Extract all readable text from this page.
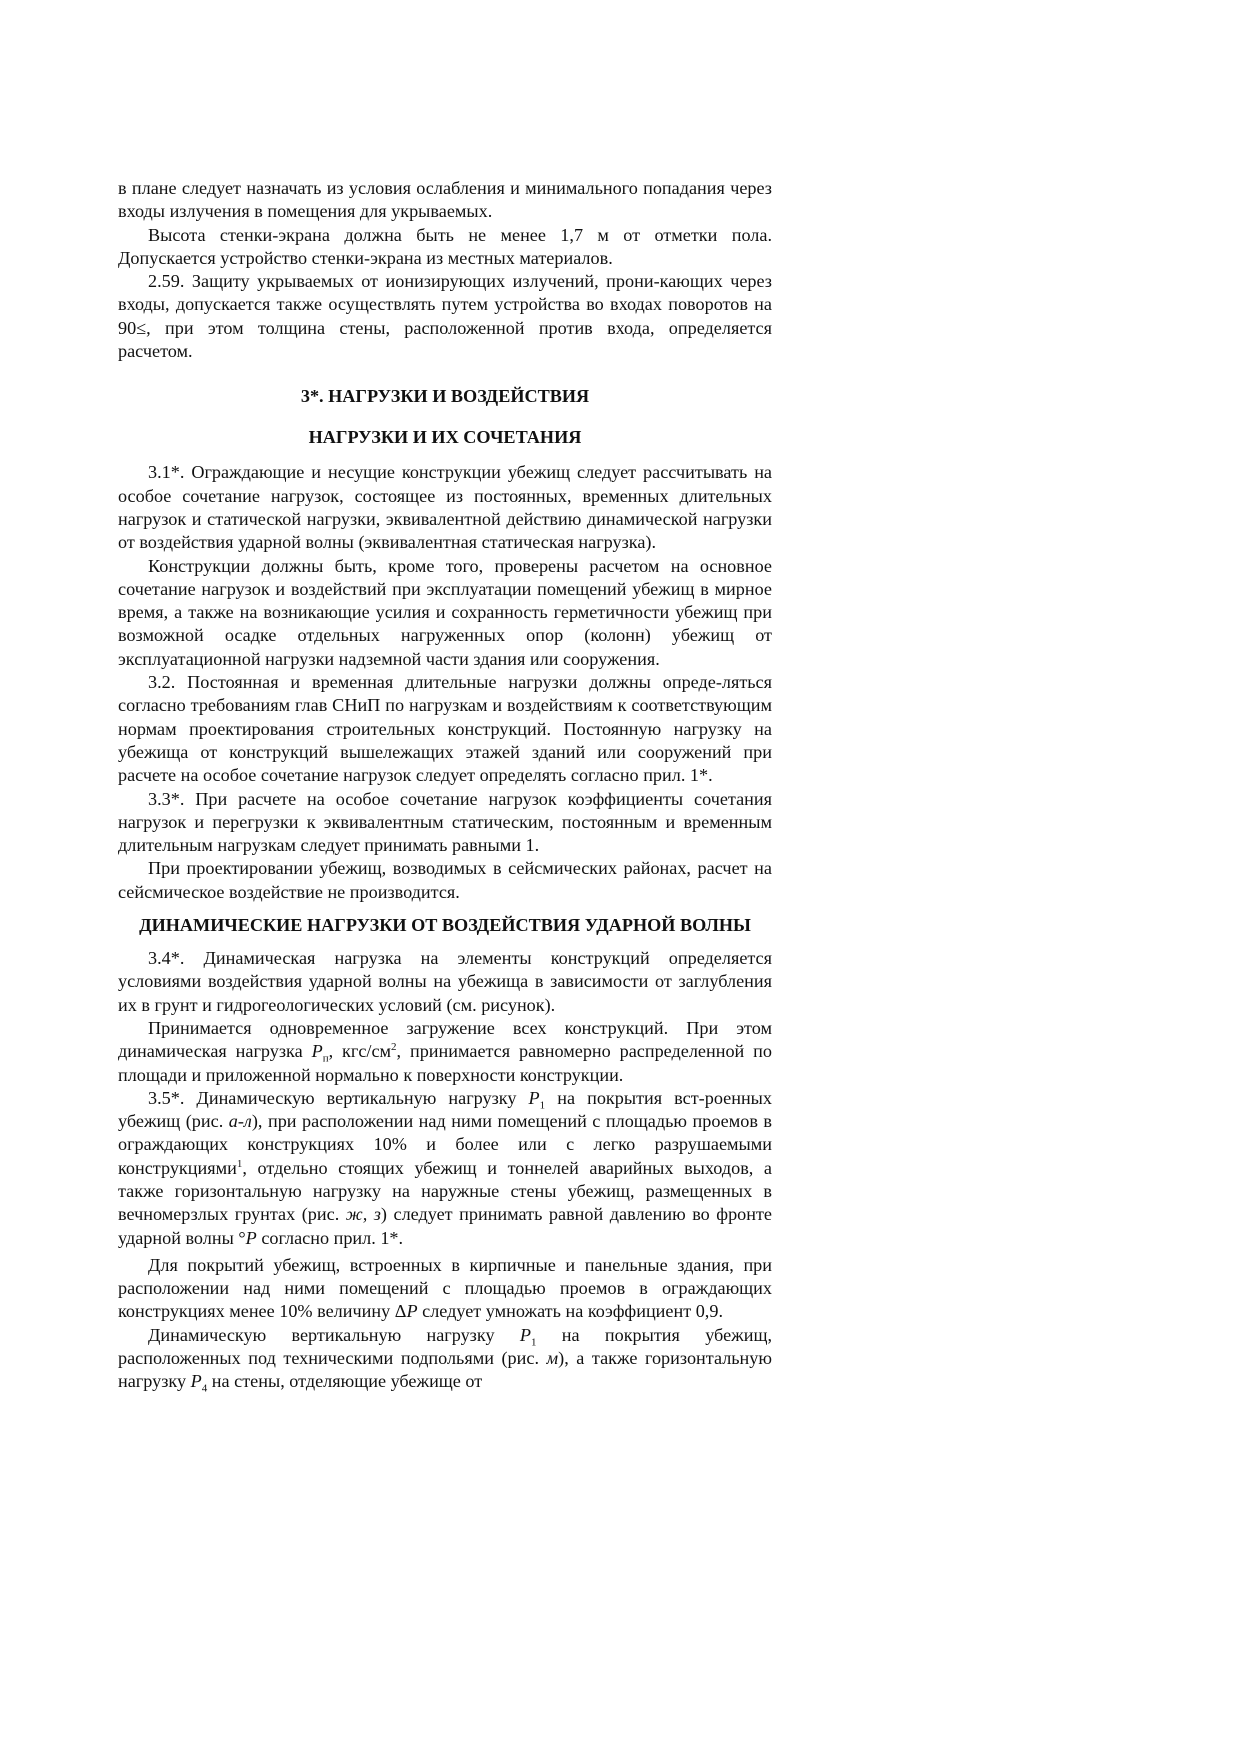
в плане следует назначать из условия ослабления и минимального попадания через входы излучения в помещения для укрываемых.

Высота стенки-экрана должна быть не менее 1,7 м от отметки пола. Допускается устройство стенки-экрана из местных материалов.

2.59. Защиту укрываемых от ионизирующих излучений, прони-кающих через входы, допускается также осуществлять путем устройства во входах поворотов на 90≤, при этом толщина стены, расположенной против входа, определяется расчетом.

3*. НАГРУЗКИ И ВОЗДЕЙСТВИЯ
НАГРУЗКИ И ИХ СОЧЕТАНИЯ

3.1*. Ограждающие и несущие конструкции убежищ следует рассчитывать на особое сочетание нагрузок, состоящее из постоянных, временных длительных нагрузок и статической нагрузки, эквивалентной действию динамической нагрузки от воздействия ударной волны (эквивалентная статическая нагрузка).

Конструкции должны быть, кроме того, проверены расчетом на основное сочетание нагрузок и воздействий при эксплуатации помещений убежищ в мирное время, а также на возникающие усилия и сохранность герметичности убежищ при возможной осадке отдельных нагруженных опор (колонн) убежищ от эксплуатационной нагрузки надземной части здания или сооружения.

3.2. Постоянная и временная длительные нагрузки должны опреде-ляться согласно требованиям глав СНиП по нагрузкам и воздействиям к соответствующим нормам проектирования строительных конструкций. Постоянную нагрузку на убежища от конструкций вышележащих этажей зданий или сооружений при расчете на особое сочетание нагрузок следует определять согласно прил. 1*.

3.3*. При расчете на особое сочетание нагрузок коэффициенты сочетания нагрузок и перегрузки к эквивалентным статическим, постоянным и временным длительным нагрузкам следует принимать равными 1.

При проектировании убежищ, возводимых в сейсмических районах, расчет на сейсмическое воздействие не производится.

ДИНАМИЧЕСКИЕ НАГРУЗКИ ОТ ВОЗДЕЙСТВИЯ УДАРНОЙ ВОЛНЫ

3.4*. Динамическая нагрузка на элементы конструкций определяется условиями воздействия ударной волны на убежища в зависимости от заглубления их в грунт и гидрогеологических условий (см. рисунок).

Принимается одновременное загружение всех конструкций. При этом динамическая нагрузка $P_п$, кгс/$см^2$, принимается равномерно распределенной по площади и приложенной нормально к поверхности конструкции.

3.5*. Динамическую вертикальную нагрузку $P_1$ на покрытия вст-роенных убежищ (рис. а-л), при расположении над ними помещений с площадью проемов в ограждающих конструкциях 10% и более или с легко разрушаемыми конструкциями$^1$, отдельно стоящих убежищ и тоннелей аварийных выходов, а также горизонтальную нагрузку на наружные стены убежищ, размещенных в вечномерзлых грунтах (рис. ж, з) следует принимать равной давлению во фронте ударной волны °P согласно прил. 1*.

Для покрытий убежищ, встроенных в кирпичные и панельные здания, при расположении над ними помещений с площадью проемов в ограждающих конструкциях менее 10% величину ΔP следует умножать на коэффициент 0,9.

Динамическую вертикальную нагрузку $P_1$ на покрытия убежищ, расположенных под техническими подпольями (рис. м), а также горизонтальную нагрузку $P_4$ на стены, отделяющие убежище от
